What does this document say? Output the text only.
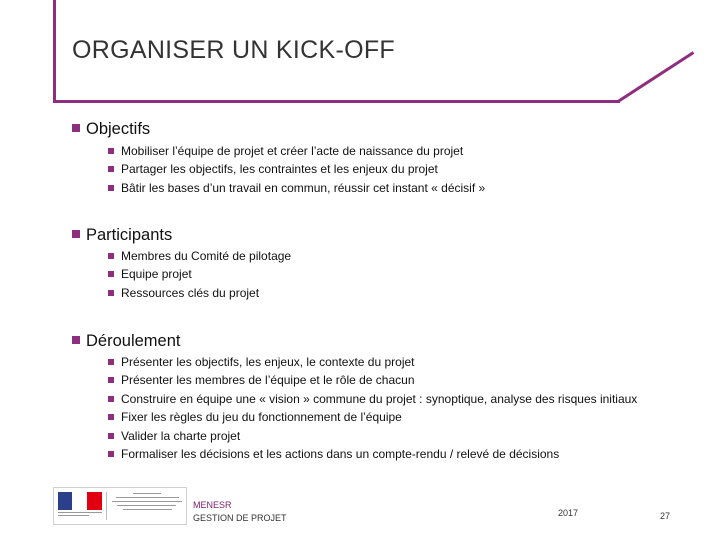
ORGANISER UN KICK-OFF
Objectifs
Mobiliser l’équipe de projet et créer l’acte de naissance du projet
Partager les objectifs, les contraintes et les enjeux du projet
Bâtir les bases d’un travail en commun, réussir cet instant « décisif »
Participants
Membres du Comité de pilotage
Equipe projet
Ressources clés du projet
Déroulement
Présenter les objectifs, les enjeux, le contexte du projet
Présenter les membres de l’équipe et le rôle de chacun
Construire en équipe une « vision » commune du projet : synoptique, analyse des risques initiaux
Fixer les règles du jeu du fonctionnement de l’équipe
Valider la charte projet
Formaliser les décisions et les actions dans un compte-rendu / relevé de décisions
MENESR
GESTION DE PROJET	2017	27
